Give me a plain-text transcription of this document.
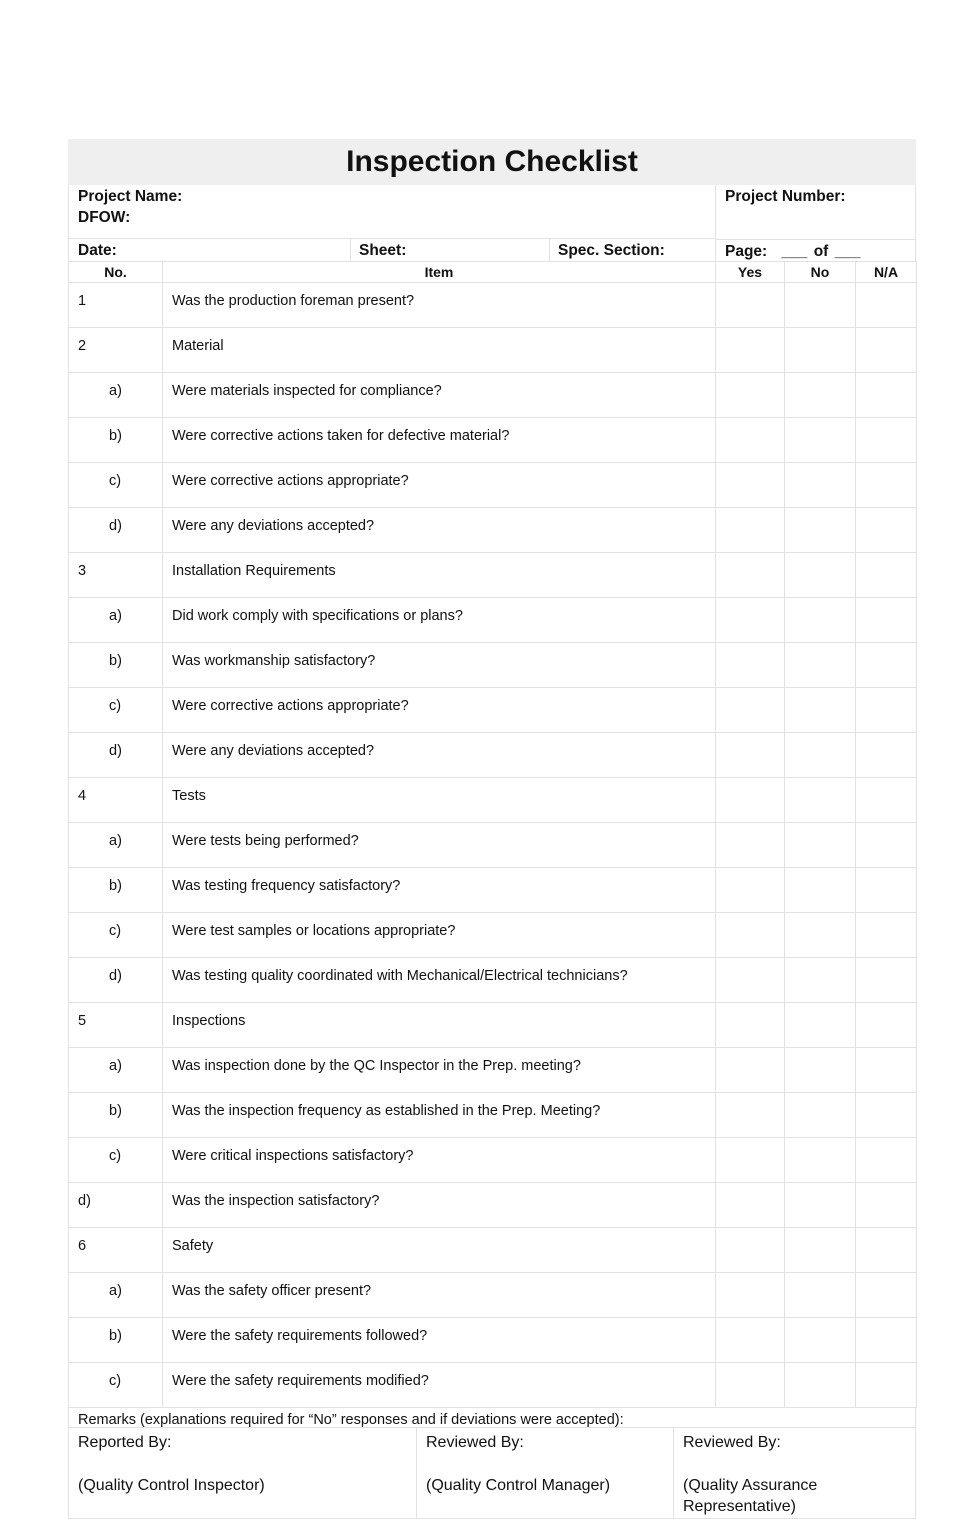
Inspection Checklist
Project Name:
DFOW:
Project Number:
Date:	Sheet:	Spec. Section:	Page: ___ of ___
No.	Item	Yes	No	N/A
1	Was the production foreman present?			
2	Material			
a)	Were materials inspected for compliance?			
b)	Were corrective actions taken for defective material?			
c)	Were corrective actions appropriate?			
d)	Were any deviations accepted?			
3	Installation Requirements			
a)	Did work comply with specifications or plans?			
b)	Was workmanship satisfactory?			
c)	Were corrective actions appropriate?			
d)	Were any deviations accepted?			
4	Tests			
a)	Were tests being performed?			
b)	Was testing frequency satisfactory?			
c)	Were test samples or locations appropriate?			
d)	Was testing quality coordinated with Mechanical/Electrical technicians?			
5	Inspections			
a)	Was inspection done by the QC Inspector in the Prep. meeting?			
b)	Was the inspection frequency as established in the Prep. Meeting?			
c)	Were critical inspections satisfactory?			
d)	Was the inspection satisfactory?			
6	Safety			
a)	Was the safety officer present?			
b)	Were the safety requirements followed?			
c)	Were the safety requirements modified?			
Remarks (explanations required for “No” responses and if deviations were accepted):

Reported By:

(Quality Control Inspector)

Reviewed By:

(Quality Control Manager)

Reviewed By:

(Quality Assurance Representative)
